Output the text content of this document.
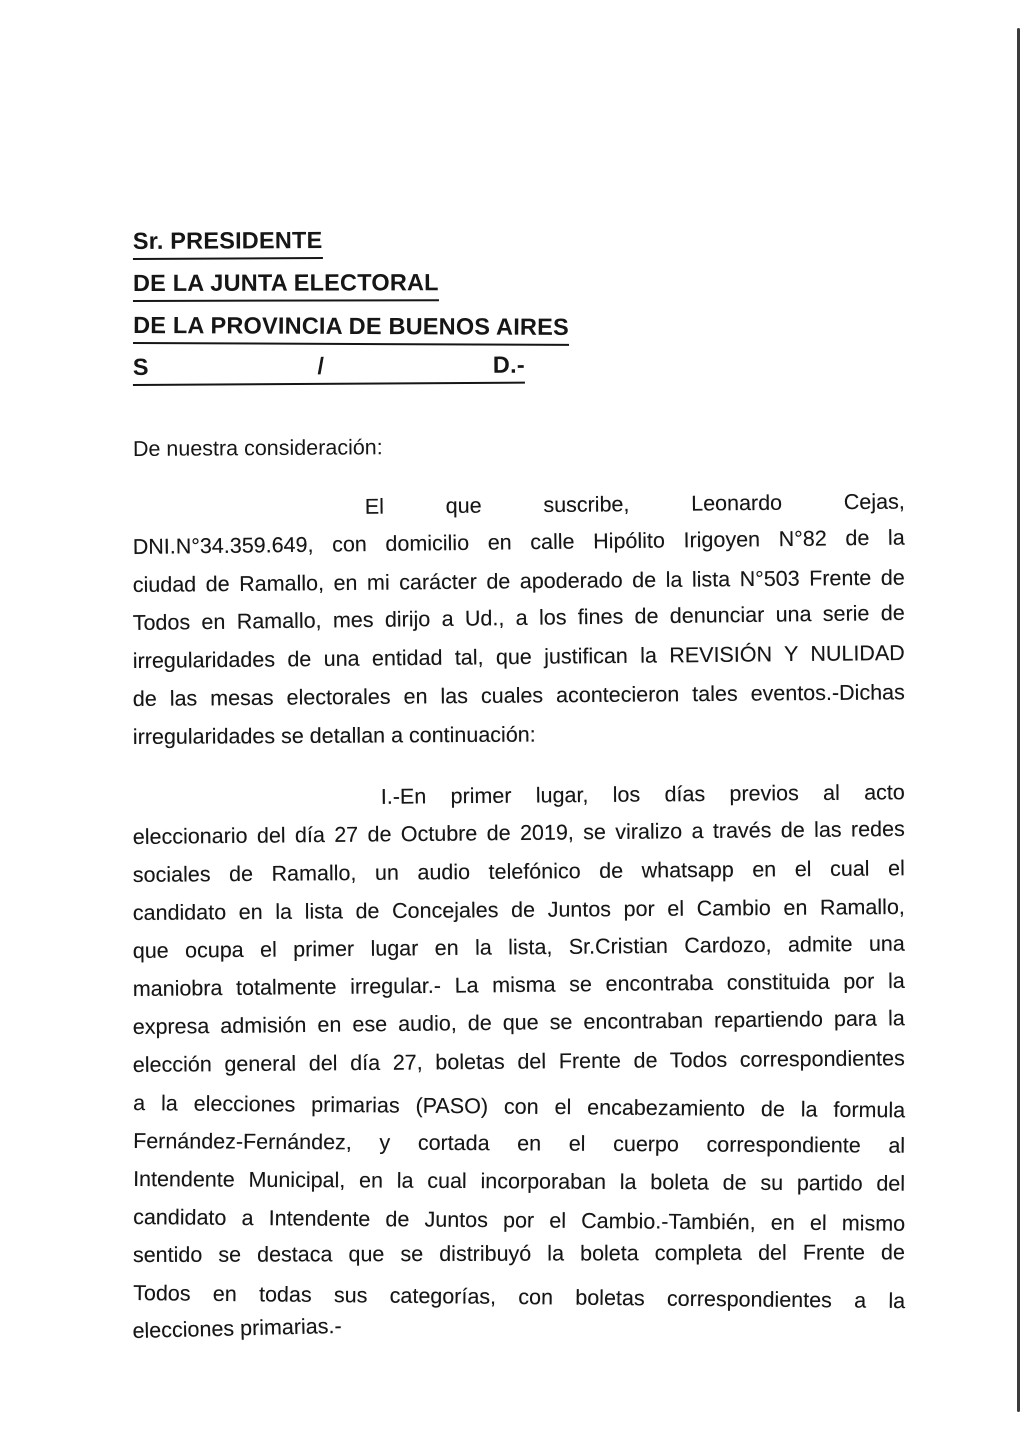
Sr. PRESIDENTE
DE LA JUNTA ELECTORAL
DE LA PROVINCIA DE BUENOS AIRES
S	/	D.-
De nuestra consideración:
El que suscribe, Leonardo Cejas,
DNI.N°34.359.649, con domicilio en calle Hipólito Irigoyen N°82 de la
ciudad de Ramallo, en mi carácter de apoderado de la lista N°503 Frente de
Todos en Ramallo, mes dirijo a Ud., a los fines de denunciar una serie de
irregularidades de una entidad tal, que justifican la REVISIÓN Y NULIDAD
de las mesas electorales en las cuales acontecieron tales eventos.-Dichas
irregularidades se detallan a continuación:
I.-En primer lugar, los días previos al acto
eleccionario del día 27 de Octubre de 2019, se viralizo a través de las redes
sociales de Ramallo, un audio telefónico de whatsapp en el cual el
candidato en la lista de Concejales de Juntos por el Cambio en Ramallo,
que ocupa el primer lugar en la lista, Sr.Cristian Cardozo, admite una
maniobra totalmente irregular.- La misma se encontraba constituida por la
expresa admisión en ese audio, de que se encontraban repartiendo para la
elección general del día 27, boletas del Frente de Todos correspondientes
a la elecciones primarias (PASO) con el encabezamiento de la formula
Fernández-Fernández, y cortada en el cuerpo correspondiente al
Intendente Municipal, en la cual incorporaban la boleta de su partido del
candidato a Intendente de Juntos por el Cambio.-También, en el mismo
sentido se destaca que se distribuyó la boleta completa del Frente de
Todos en todas sus categorías, con boletas correspondientes a la
elecciones primarias.-
